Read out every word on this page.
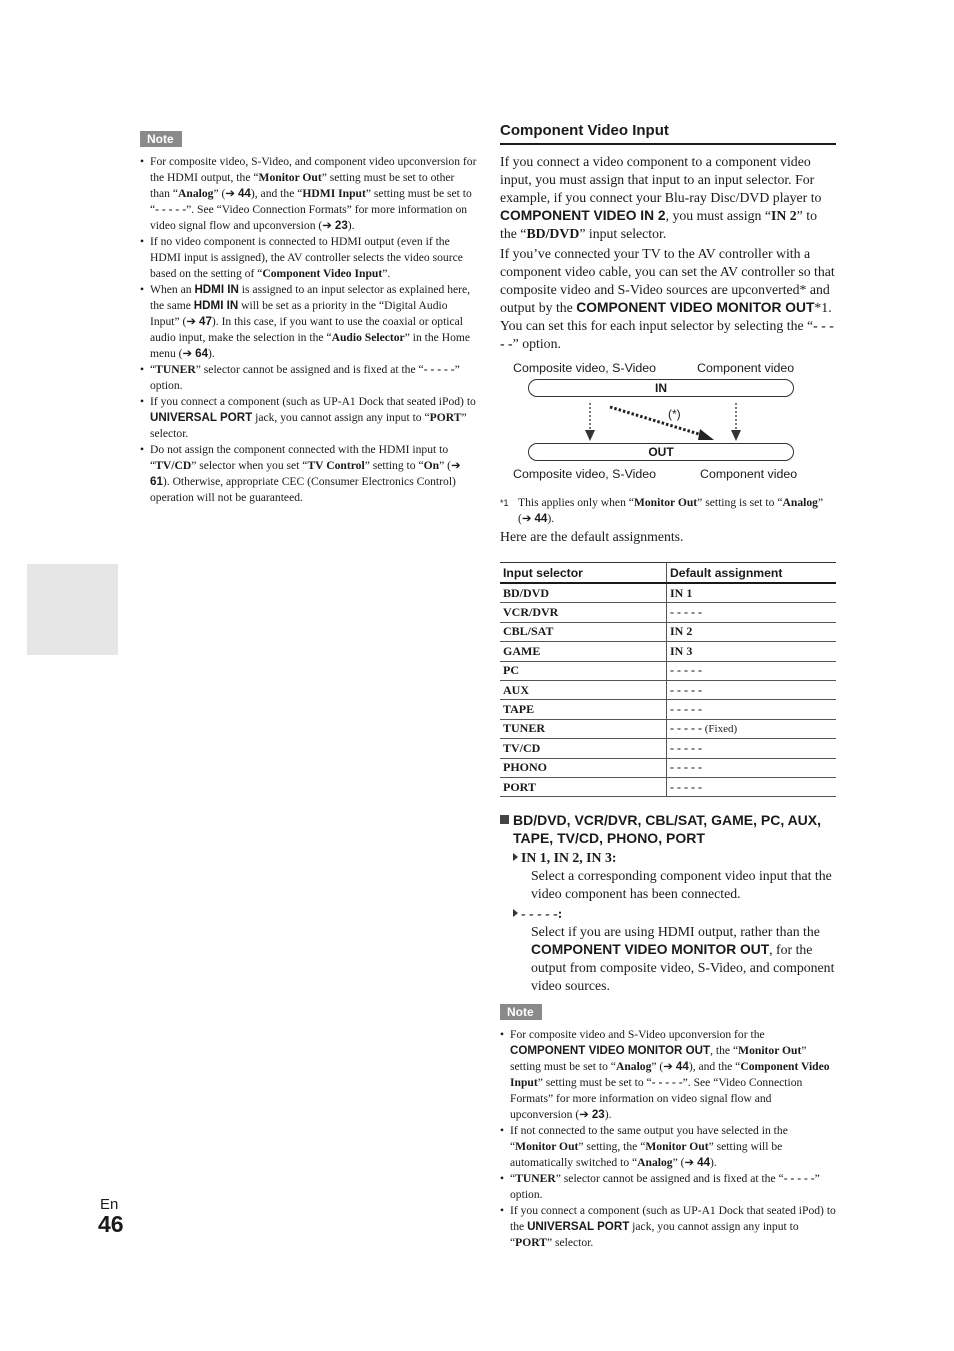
Note
• For composite video, S-Video, and component video upconversion for the HDMI output, the “Monitor Out” setting must be set to other than “Analog” (➔ 44), and the “HDMI Input” setting must be set to “- - - - -”. See “Video Connection Formats” for more information on video signal flow and upconversion (➔ 23).
• If no video component is connected to HDMI output (even if the HDMI input is assigned), the AV controller selects the video source based on the setting of “Component Video Input”.
• When an HDMI IN is assigned to an input selector as explained here, the same HDMI IN will be set as a priority in the “Digital Audio Input” (➔ 47). In this case, if you want to use the coaxial or optical audio input, make the selection in the “Audio Selector” in the Home menu (➔ 64).
• “TUNER” selector cannot be assigned and is fixed at the “- - - - -” option.
• If you connect a component (such as UP-A1 Dock that seated iPod) to UNIVERSAL PORT jack, you cannot assign any input to “PORT” selector.
• Do not assign the component connected with the HDMI input to “TV/CD” selector when you set “TV Control” setting to “On” (➔ 61). Otherwise, appropriate CEC (Consumer Electronics Control) operation will not be guaranteed.
Component Video Input

If you connect a video component to a component video input, you must assign that input to an input selector. For example, if you connect your Blu-ray Disc/DVD player to COMPONENT VIDEO IN 2, you must assign “IN 2” to the “BD/DVD” input selector.

If you’ve connected your TV to the AV controller with a component video cable, you can set the AV controller so that composite video and S-Video sources are upconverted* and output by the COMPONENT VIDEO MONITOR OUT*1. You can set this for each input selector by selecting the “- - - - -” option.

Composite video, S-Video	Component video
IN
(*)
OUT
Composite video, S-Video	Component video

*1 This applies only when “Monitor Out” setting is set to “Analog” (➔ 44).

Here are the default assignments.

Input selector	Default assignment
BD/DVD	IN 1
VCR/DVR	- - - - -
CBL/SAT	IN 2
GAME	IN 3
PC	- - - - -
AUX	- - - - -
TAPE	- - - - -
TUNER	- - - - - (Fixed)
TV/CD	- - - - -
PHONO	- - - - -
PORT	- - - - -

BD/DVD, VCR/DVR, CBL/SAT, GAME, PC, AUX, TAPE, TV/CD, PHONO, PORT

IN 1, IN 2, IN 3:

Select a corresponding component video input that the video component has been connected.

- - - - -:

Select if you are using HDMI output, rather than the COMPONENT VIDEO MONITOR OUT, for the output from composite video, S-Video, and component video sources.

Note
• For composite video and S-Video upconversion for the COMPONENT VIDEO MONITOR OUT, the “Monitor Out” setting must be set to “Analog” (➔ 44), and the “Component Video Input” setting must be set to “- - - - -”. See “Video Connection Formats” for more information on video signal flow and upconversion (➔ 23).
• If not connected to the same output you have selected in the “Monitor Out” setting, the “Monitor Out” setting will be automatically switched to “Analog” (➔ 44).
• “TUNER” selector cannot be assigned and is fixed at the “- - - - -” option.
• If you connect a component (such as UP-A1 Dock that seated iPod) to the UNIVERSAL PORT jack, you cannot assign any input to “PORT” selector.
En
46
